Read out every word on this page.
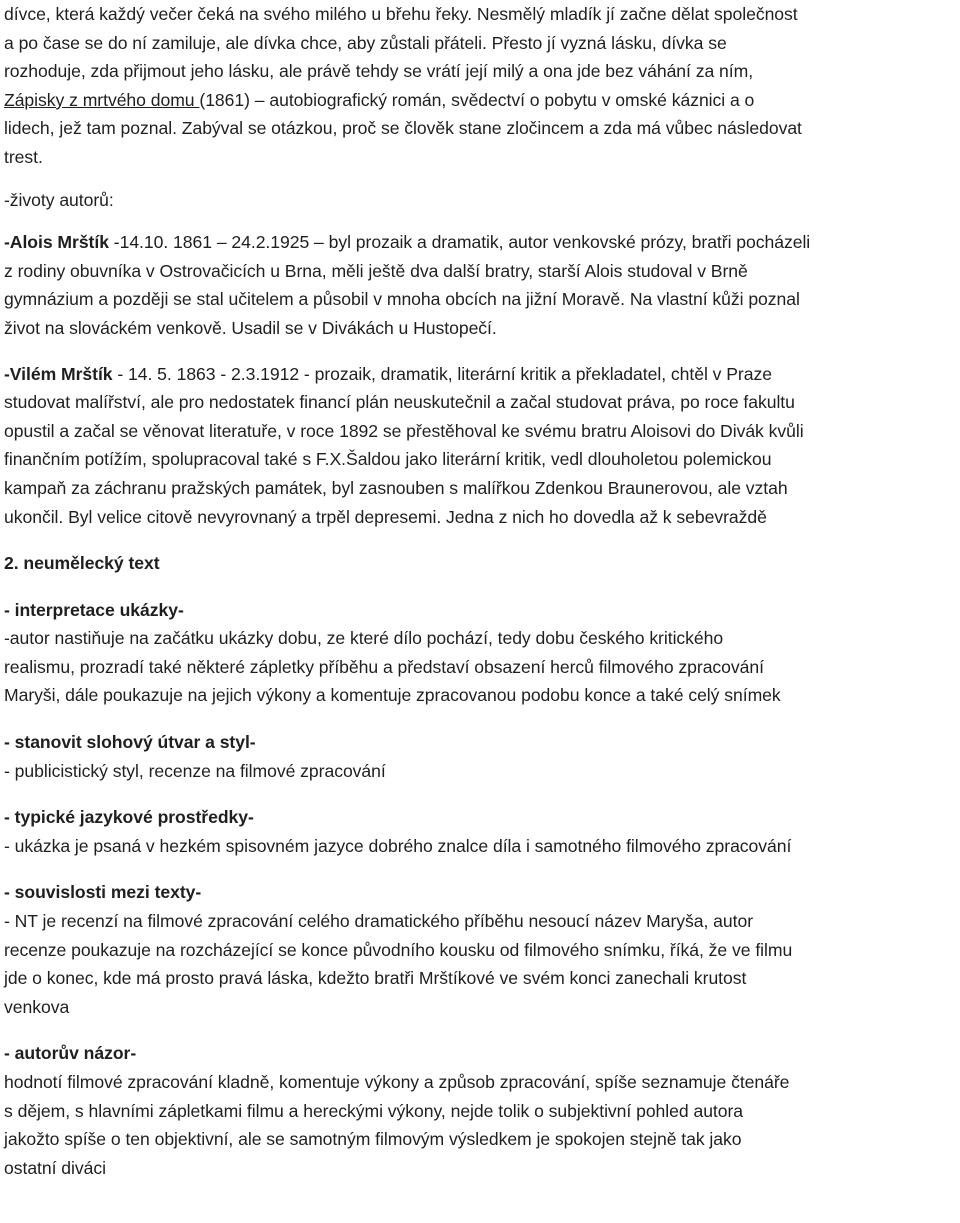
dívce, která každý večer čeká na svého milého u břehu řeky. Nesmělý mladík jí začne dělat společnost
a po čase se do ní zamiluje, ale dívka chce, aby zůstali přáteli. Přesto jí vyzná lásku, dívka se
rozhoduje, zda přijmout jeho lásku, ale právě tehdy se vrátí její milý a ona jde bez váhání za ním,
Zápisky z mrtvého domu (1861) – autobiografický román, svědectví o pobytu v omské káznici a o
lidech, jež tam poznal. Zabýval se otázkou, proč se člověk stane zločincem a zda má vůbec následovat
trest.
-životy autorů:
-Alois Mrštík -14.10. 1861 – 24.2.1925 – byl prozaik a dramatik, autor venkovské prózy, bratři pocházeli
z rodiny obuvníka v Ostrovačicích u Brna, měli ještě dva další bratry, starší Alois studoval v Brně
gymnázium a později se stal učitelem a působil v mnoha obcích na jižní Moravě. Na vlastní kůži poznal
život na slováckém venkově. Usadil se v Divákách u Hustopečí.
-Vilém Mrštík - 14. 5. 1863 - 2.3.1912 - prozaik, dramatik, literární kritik a překladatel, chtěl v Praze
studovat malířství, ale pro nedostatek financí plán neuskutečnil a začal studovat práva, po roce fakultu
opustil a začal se věnovat literatuře, v roce 1892 se přestěhoval ke svému bratru Aloisovi do Divák kvůli
finančním potížím, spolupracoval také s F.X.Šaldou jako literární kritik, vedl dlouholetou polemickou
kampaň za záchranu pražských památek, byl zasnouben s malířkou Zdenkou Braunerovou, ale vztah
ukončil. Byl velice citově nevyrovnaný a trpěl depresemi. Jedna z nich ho dovedla až k sebevraždě
2. neumělecký text
- interpretace ukázky-
-autor nastiňuje na začátku ukázky dobu, ze které dílo pochází, tedy dobu českého kritického
realismu, prozradí také některé zápletky příběhu a představí obsazení herců filmového zpracování
Maryši, dále poukazuje na jejich výkony a komentuje zpracovanou podobu konce a také celý snímek
- stanovit slohový útvar a styl-
- publicistický styl, recenze na filmové zpracování
- typické jazykové prostředky-
- ukázka je psaná v hezkém spisovném jazyce dobrého znalce díla i samotného filmového zpracování
- souvislosti mezi texty-
- NT je recenzí na filmové zpracování celého dramatického příběhu nesoucí název Maryša, autor
recenze poukazuje na rozcházející se konce původního kousku od filmového snímku, říká, že ve filmu
jde o konec, kde má prosto pravá láska, kdežto bratři Mrštíkové ve svém konci zanechali krutost
venkova
- autorův názor-
hodnotí filmové zpracování kladně, komentuje výkony a způsob zpracování, spíše seznamuje čtenáře
s dějem, s hlavními zápletkami filmu a hereckými výkony, nejde tolik o subjektivní pohled autora
jakožto spíše o ten objektivní, ale se samotným filmovým výsledkem je spokojen stejně tak jako
ostatní diváci
